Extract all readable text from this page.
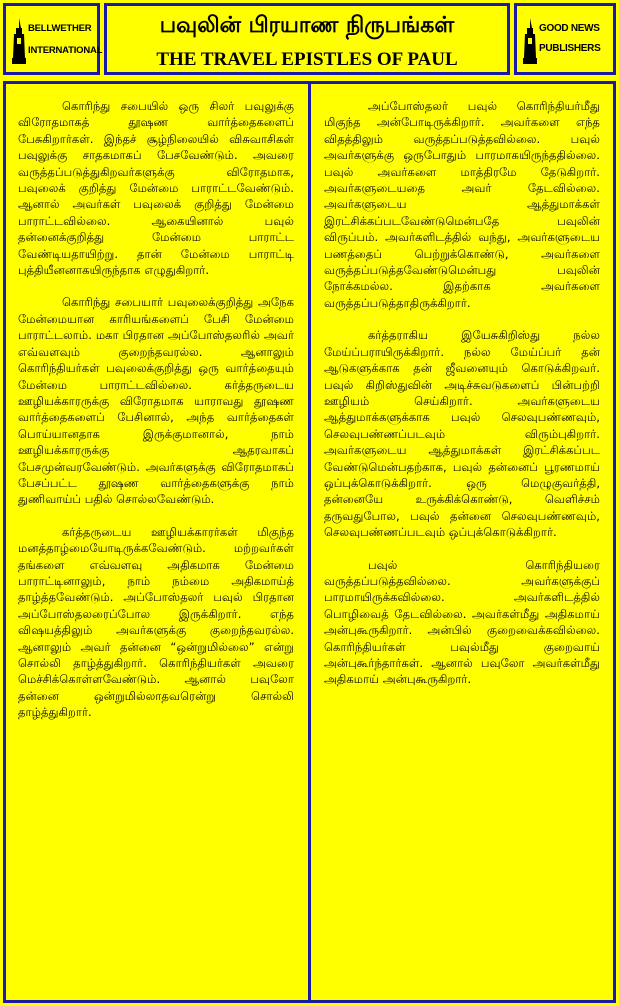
BELLWETHER
INTERNATIONAL
பவுலின் பிரயாண நிருபங்கள்
THE TRAVEL EPISTLES OF PAUL
GOOD NEWS
PUBLISHERS

கொரிந்து சபையில் ஒரு சிலர் பவுலுக்கு விரோதமாகத் தூஷண வார்த்தைகளைப் பேசுகிறார்கள். இந்தச் சூழ்நிலையில் விசுவாசிகள் பவுலுக்கு சாதகமாகப் பேசவேண்டும். அவரை வருத்தப்படுத்துகிறவர்களுக்கு விரோதமாக, பவுலைக் குறித்து மேன்மை பாராட்டவேண்டும். ஆனால் அவர்கள் பவுலைக் குறித்து மேன்மை பாராட்டவில்லை. ஆகையினால் பவுல் தன்னைக்குறித்து மேன்மை பாராட்ட வேண்டியதாயிற்று. தான் மேன்மை பாராட்டி புத்தியீனனாகயிருந்தாக எழுதுகிறார்.

கொரிந்து சபையார் பவுலைக்குறித்து அநேக மேன்மையான காரியங்களைப் பேசி மேன்மை பாராட்டலாம். மகா பிரதான அப்போஸ்தலரில் அவர் எவ்வளவும் குறைந்தவரல்ல. ஆனாலும் கொரிந்தியர்கள் பவுலைக்குறித்து ஒரு வார்த்தையும் மேன்மை பாராட்டவில்லை. கர்த்தருடைய ஊழியக்காரருக்கு விரோதமாக யாராவது தூஷண வார்த்தைகளைப் பேசினால், அந்த வார்த்தைகள் பொய்யானதாக இருக்குமானால், நாம் ஊழியக்காரருக்கு ஆதரவாகப் பேசமுன்வரவேண்டும். அவர்களுக்கு விரோதமாகப் பேசப்பட்ட தூஷண வார்த்தைகளுக்கு நாம் துணிவாய்ப் பதில் சொல்லவேண்டும்.

கர்த்தருடைய ஊழியக்காரர்கள் மிகுந்த மனத்தாழ்மையோடிருக்கவேண்டும். மற்றவர்கள் தங்களை எவ்வளவு அதிகமாக மேன்மை பாராட்டினாலும், நாம் நம்மை அதிகமாய்த் தாழ்த்தவேண்டும். அப்போஸ்தலர் பவுல் பிரதான அப்போஸ்தலரைப்போல இருக்கிறார். எந்த விஷயத்திலும் அவர்களுக்கு குறைந்தவரல்ல. ஆனாலும் அவர் தன்னை “ஒன்றுமில்லை” என்று சொல்லி தாழ்த்துகிறார். கொரிந்தியர்கள் அவரை மெச்சிக்கொள்ளவேண்டும். ஆனால் பவுலோ தன்னை ஒன்றுமில்லாதவரென்று சொல்லி தாழ்த்துகிறார்.

அப்போஸ்தலர் பவுல் கொரிந்தியர்மீது மிகுந்த அன்போடிருக்கிறார். அவர்களை எந்த விதத்திலும் வருத்தப்படுத்தவில்லை. பவுல் அவர்களுக்கு ஒருபோதும் பாரமாகயிருந்ததில்லை. பவுல் அவர்களை மாத்திரமே தேடுகிறார். அவர்களுடையதை அவர் தேடவில்லை. அவர்களுடைய ஆத்துமாக்கள் இரட்சிக்கப்படவேண்டுமென்பதே பவுலின் விருப்பம். அவர்களிடத்தில் வந்து, அவர்களுடைய பணத்தைப் பெற்றுக்கொண்டு, அவர்களை வருத்தப்படுத்தவேண்டுமென்பது பவுலின் நோக்கமல்ல. இதற்காக அவர்களை வருத்தப்படுத்தாதிருக்கிறார்.

கர்த்தராகிய இயேசுகிறிஸ்து நல்ல மேய்ப்பராயிருக்கிறார். நல்ல மேய்ப்பர் தன் ஆடுகளுக்காக தன் ஜீவனையும் கொடுக்கிறவர். பவுல் கிறிஸ்துவின் அடிச்சுவடுகளைப் பின்பற்றி ஊழியம் செய்கிறார். அவர்களுடைய ஆத்துமாக்களுக்காக பவுல் செலவுபண்ணவும், செலவுபண்ணப்படவும் விரும்புகிறார். அவர்களுடைய ஆத்துமாக்கள் இரட்சிக்கப்பட வேண்டுமென்பதற்காக, பவுல் தன்னைப் பூரணமாய் ஒப்புக்கொடுக்கிறார். ஒரு மெழுகுவர்த்தி, தன்னையே உருக்கிக்கொண்டு, வெளிச்சம் தருவதுபோல, பவுல் தன்னை செலவுபண்ணவும், செலவுபண்ணப்படவும் ஒப்புக்கொடுக்கிறார்.

பவுல் கொரிந்தியரை வருத்தப்படுத்தவில்லை. அவர்களுக்குப் பாரமாயிருக்கவில்லை. அவர்களிடத்தில் பொழிவைத் தேடவில்லை. அவர்கள்மீது அதிகமாய் அன்புகூருகிறார். அன்பில் குறைவைக்கவில்லை. கொரிந்தியர்கள் பவுல்மீது குறைவாய் அன்புகூர்ந்தார்கள். ஆனால் பவுலோ அவர்கள்மீது அதிகமாய் அன்புகூருகிறார்.
